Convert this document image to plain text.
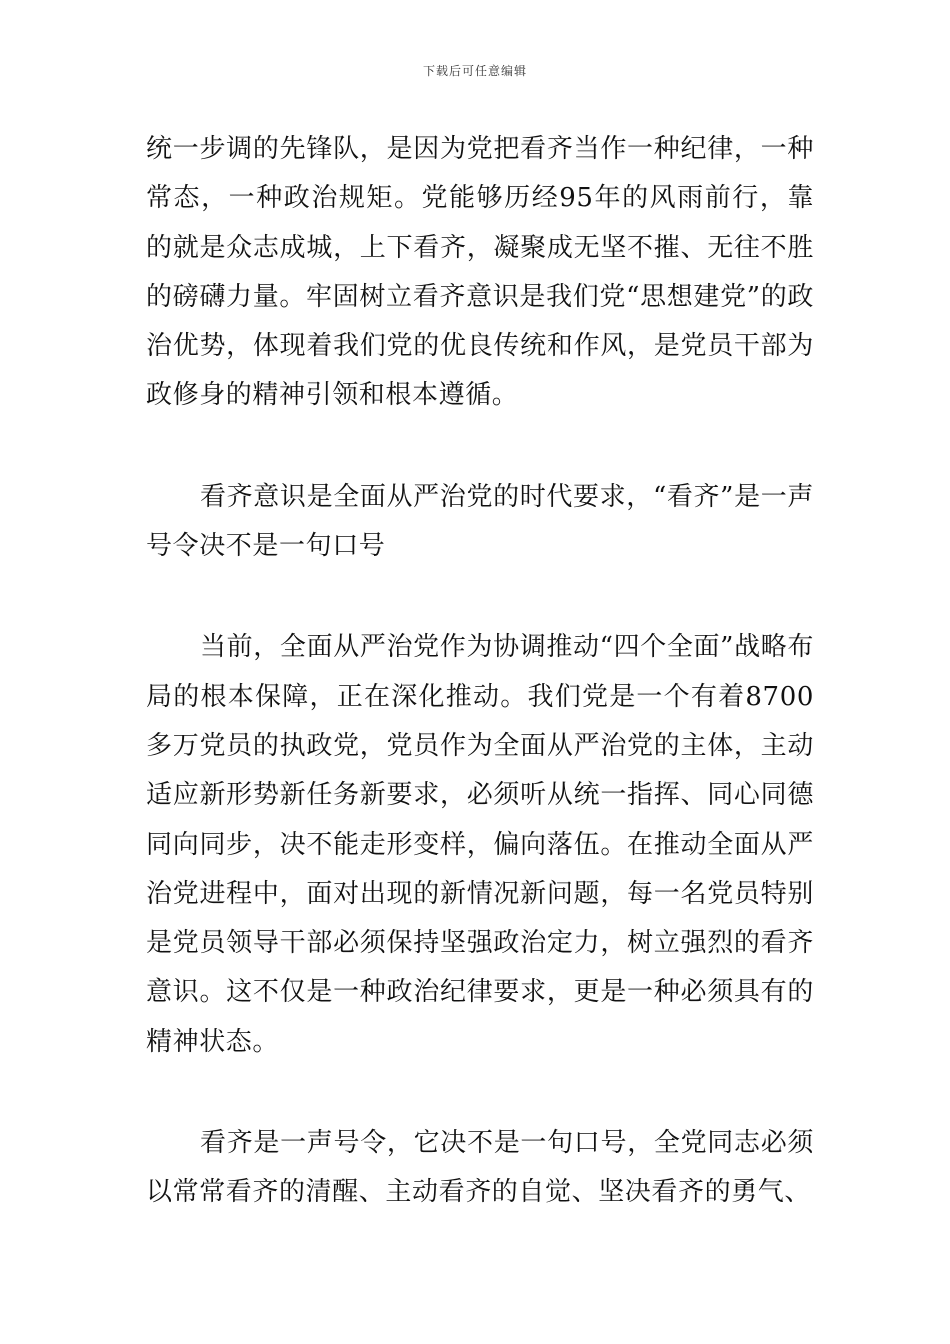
下载后可任意编辑

统一步调的先锋队，是因为党把看齐当作一种纪律，一种常态，一种政治规矩。党能够历经95年的风雨前行，靠的就是众志成城，上下看齐，凝聚成无坚不摧、无往不胜的磅礴力量。牢固树立看齐意识是我们党“思想建党”的政治优势，体现着我们党的优良传统和作风，是党员干部为政修身的精神引领和根本遵循。

看齐意识是全面从严治党的时代要求，“看齐”是一声号令决不是一句口号

当前，全面从严治党作为协调推动“四个全面”战略布局的根本保障，正在深化推动。我们党是一个有着8700多万党员的执政党，党员作为全面从严治党的主体，主动适应新形势新任务新要求，必须听从统一指挥、同心同德同向同步，决不能走形变样，偏向落伍。在推动全面从严治党进程中，面对出现的新情况新问题，每一名党员特别是党员领导干部必须保持坚强政治定力，树立强烈的看齐意识。这不仅是一种政治纪律要求，更是一种必须具有的精神状态。

看齐是一声号令，它决不是一句口号，全党同志必须以常常看齐的清醒、主动看齐的自觉、坚决看齐的勇气、
